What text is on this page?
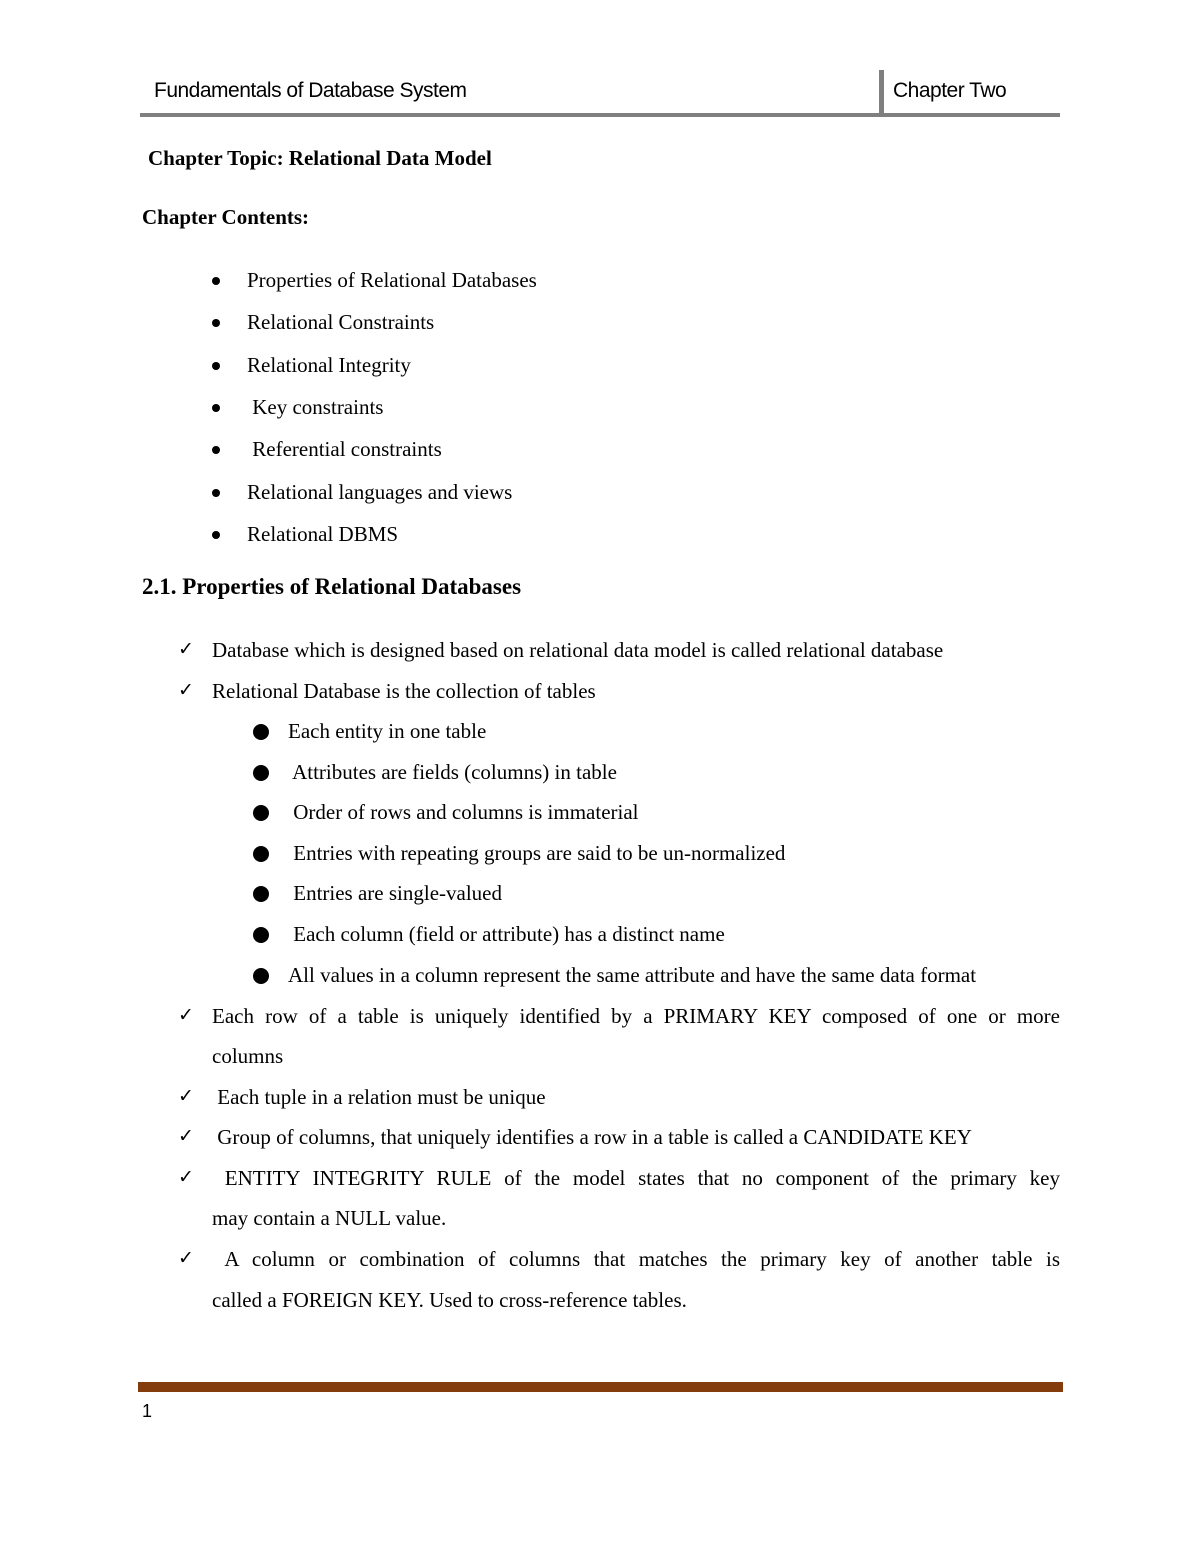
Fundamentals of Database System	Chapter Two
Chapter Topic: Relational Data Model
Chapter Contents:
Properties of Relational Databases
Relational Constraints
Relational Integrity
Key constraints
Referential constraints
Relational languages and views
Relational DBMS
2.1. Properties of Relational Databases
✓ Database which is designed based on relational data model is called relational database
✓ Relational Database is the collection of tables
Each entity in one table
Attributes are fields (columns) in table
Order of rows and columns is immaterial
Entries with repeating groups are said to be un-normalized
Entries are single-valued
Each column (field or attribute) has a distinct name
All values in a column represent the same attribute and have the same data format
✓ Each row of a table is uniquely identified by a PRIMARY KEY composed of one or more
columns
✓ Each tuple in a relation must be unique
✓ Group of columns, that uniquely identifies a row in a table is called a CANDIDATE KEY
✓ ENTITY INTEGRITY RULE of the model states that no component of the primary key
may contain a NULL value.
✓ A column or combination of columns that matches the primary key of another table is
called a FOREIGN KEY. Used to cross-reference tables.
1
